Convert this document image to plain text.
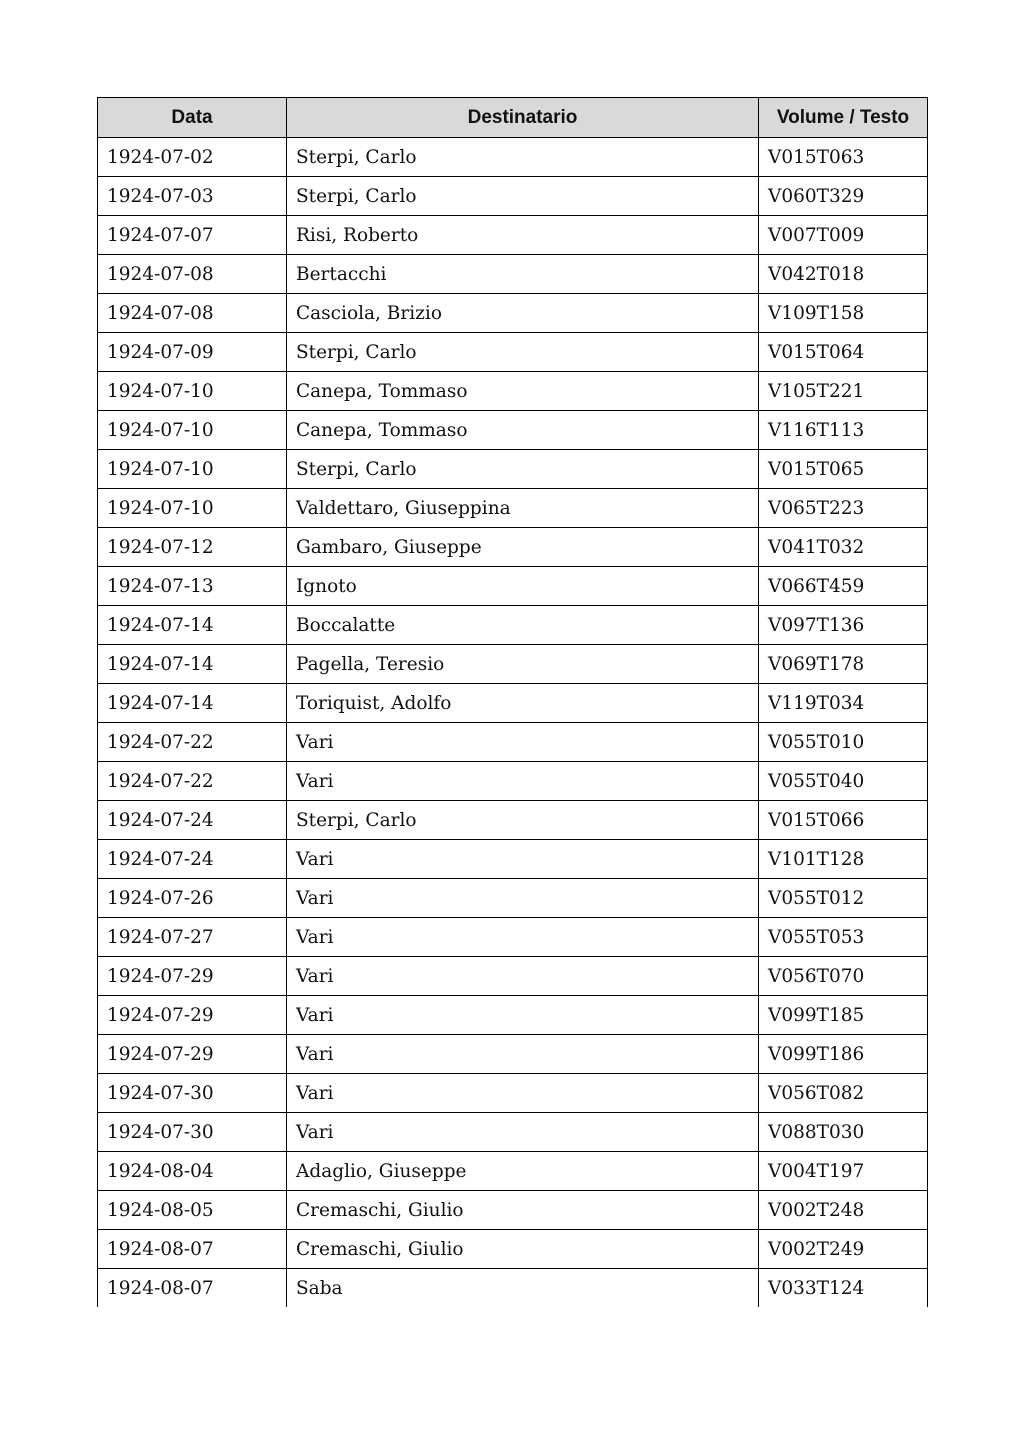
Data	Destinatario	Volume / Testo
1924-07-02	Sterpi, Carlo	V015T063
1924-07-03	Sterpi, Carlo	V060T329
1924-07-07	Risi, Roberto	V007T009
1924-07-08	Bertacchi	V042T018
1924-07-08	Casciola, Brizio	V109T158
1924-07-09	Sterpi, Carlo	V015T064
1924-07-10	Canepa, Tommaso	V105T221
1924-07-10	Canepa, Tommaso	V116T113
1924-07-10	Sterpi, Carlo	V015T065
1924-07-10	Valdettaro, Giuseppina	V065T223
1924-07-12	Gambaro, Giuseppe	V041T032
1924-07-13	Ignoto	V066T459
1924-07-14	Boccalatte	V097T136
1924-07-14	Pagella, Teresio	V069T178
1924-07-14	Toriquist, Adolfo	V119T034
1924-07-22	Vari	V055T010
1924-07-22	Vari	V055T040
1924-07-24	Sterpi, Carlo	V015T066
1924-07-24	Vari	V101T128
1924-07-26	Vari	V055T012
1924-07-27	Vari	V055T053
1924-07-29	Vari	V056T070
1924-07-29	Vari	V099T185
1924-07-29	Vari	V099T186
1924-07-30	Vari	V056T082
1924-07-30	Vari	V088T030
1924-08-04	Adaglio, Giuseppe	V004T197
1924-08-05	Cremaschi, Giulio	V002T248
1924-08-07	Cremaschi, Giulio	V002T249
1924-08-07	Saba	V033T124
